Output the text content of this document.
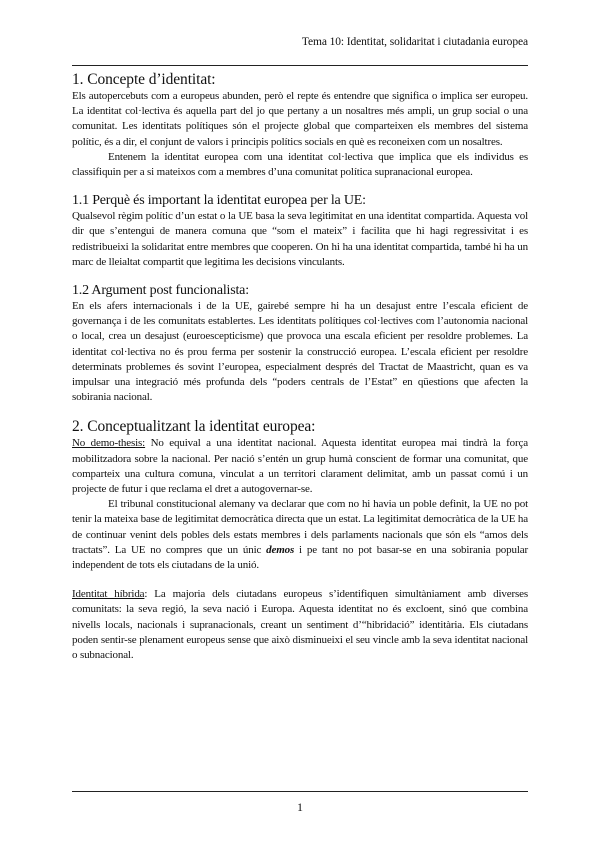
Tema 10: Identitat, solidaritat i ciutadania europea
1. Concepte d’identitat:

Els autopercebuts com a europeus abunden, però el repte és entendre que significa o implica ser europeu. La identitat col·lectiva és aquella part del jo que pertany a un nosaltres més ampli, un grup social o una comunitat. Les identitats polítiques són el projecte global que comparteixen els membres del sistema polític, és a dir, el conjunt de valors i principis polítics socials en què es reconeixen com un nosaltres.

Entenem la identitat europea com una identitat col·lectiva que implica que els individus es classifiquin per a si mateixos com a membres d’una comunitat política supranacional europea.

1.1 Perquè és important la identitat europea per la UE:

Qualsevol règim polític d’un estat o la UE basa la seva legitimitat en una identitat compartida. Aquesta vol dir que s’entengui de manera comuna que “som el mateix” i facilita que hi hagi regressivitat i es redistribueixi la solidaritat entre membres que cooperen. On hi ha una identitat compartida, també hi ha un marc de lleialtat compartit que legitima les decisions vinculants.

1.2 Argument post funcionalista:

En els afers internacionals i de la UE, gairebé sempre hi ha un desajust entre l’escala eficient de governança i de les comunitats establertes. Les identitats polítiques col·lectives com l’autonomia nacional o local, crea un desajust (euroescepticisme) que provoca una escala eficient per resoldre problemes. La identitat col·lectiva no és prou ferma per sostenir la construcció europea. L’escala eficient per resoldre determinats problemes és sovint l’europea, especialment després del Tractat de Maastricht, quan es va impulsar una integració més profunda dels “poders centrals de l’Estat” en qüestions que afecten la sobirania nacional.

2. Conceptualitzant la identitat europea:

No demo-thesis: No equival a una identitat nacional. Aquesta identitat europea mai tindrà la força mobilitzadora sobre la nacional. Per nació s’entén un grup humà conscient de formar una comunitat, que comparteix una cultura comuna, vinculat a un territori clarament delimitat, amb un passat comú i un projecte de futur i que reclama el dret a autogovernar-se.

El tribunal constitucional alemany va declarar que com no hi havia un poble definit, la UE no pot tenir la mateixa base de legitimitat democràtica directa que un estat. La legitimitat democràtica de la UE ha de continuar venint dels pobles dels estats membres i dels parlaments nacionals que són els “amos dels tractats”. La UE no compres que un únic demos i pe tant no pot basar-se en una sobirania popular independent de tots els ciutadans de la unió.

Identitat híbrida: La majoria dels ciutadans europeus s’identifiquen simultàniament amb diverses comunitats: la seva regió, la seva nació i Europa. Aquesta identitat no és excloent, sinó que combina nivells locals, nacionals i supranacionals, creant un sentiment d’“hibridació” identitària. Els ciutadans poden sentir-se plenament europeus sense que això disminueixi el seu vincle amb la seva identitat nacional o subnacional.

1
